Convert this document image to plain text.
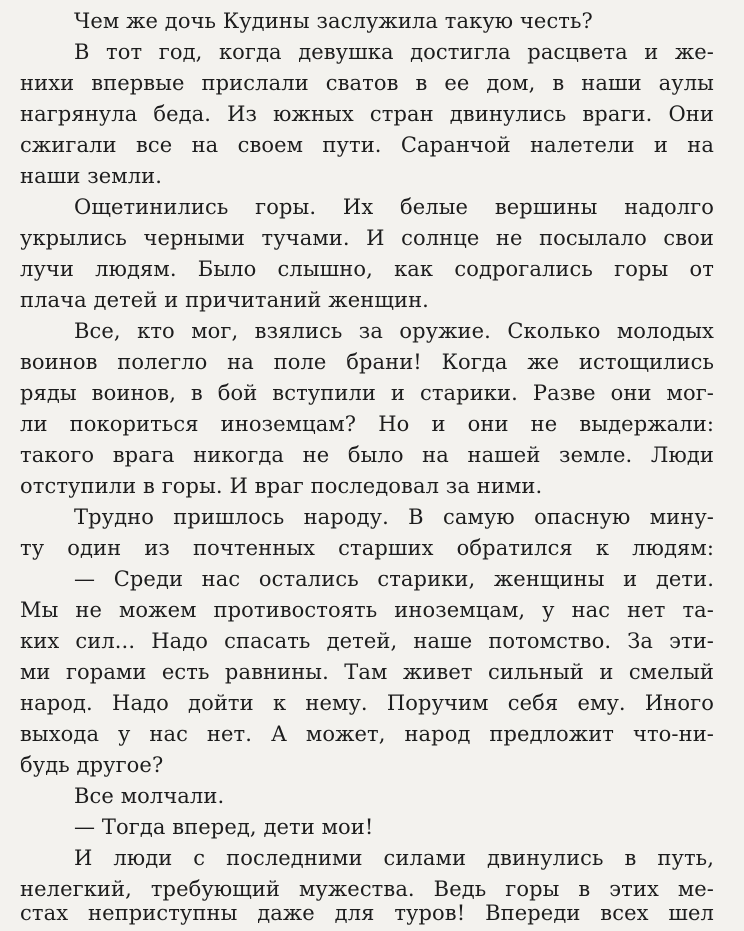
Чем же дочь Кудины заслужила такую честь?
В тот год, когда девушка достигла расцвета и же-
нихи впервые прислали сватов в ее дом, в наши аулы
нагрянула беда. Из южных стран двинулись враги. Они
сжигали все на своем пути. Саранчой налетели и на
наши земли.
Ощетинились горы. Их белые вершины надолго
укрылись черными тучами. И солнце не посылало свои
лучи людям. Было слышно, как содрогались горы от
плача детей и причитаний женщин.
Все, кто мог, взялись за оружие. Сколько молодых
воинов полегло на поле брани! Когда же истощились
ряды воинов, в бой вступили и старики. Разве они мог-
ли покориться иноземцам? Но и они не выдержали:
такого врага никогда не было на нашей земле. Люди
отступили в горы. И враг последовал за ними.
Трудно пришлось народу. В самую опасную мину-
ту один из почтенных старших обратился к людям:
— Среди нас остались старики, женщины и дети.
Мы не можем противостоять иноземцам, у нас нет та-
ких сил... Надо спасать детей, наше потомство. За эти-
ми горами есть равнины. Там живет сильный и смелый
народ. Надо дойти к нему. Поручим себя ему. Иного
выхода у нас нет. А может, народ предложит что-ни-
будь другое?
Все молчали.
— Тогда вперед, дети мои!
И люди с последними силами двинулись в путь,
нелегкий, требующий мужества. Ведь горы в этих ме-
стах неприступны даже для туров! Впереди всех шел
